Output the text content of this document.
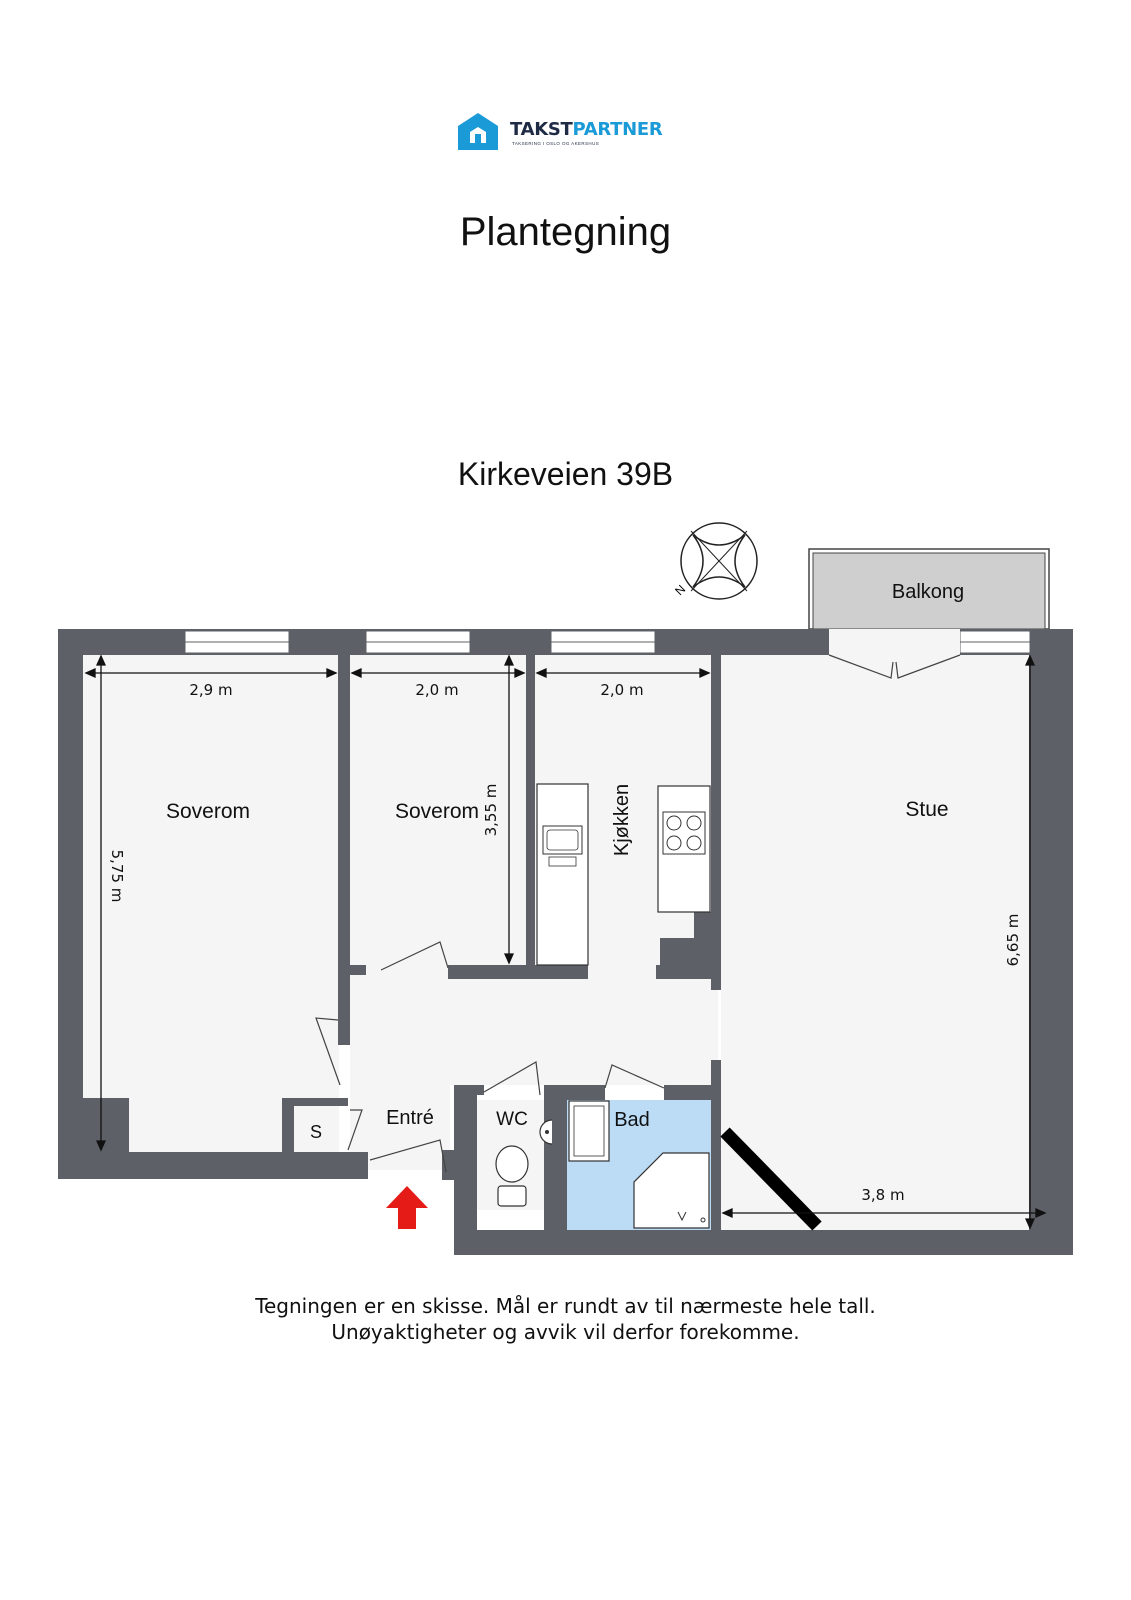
TAKSTPARTNER
TAKSERING I OSLO OG AKERSHUS
Plantegning
Kirkeveien 39B
N	Balkong
Soverom	Soverom	Kjøkken	Stue
Entré
S
WC	Bad
2,9 m
5,75 m
2,0 m
3,55 m
2,0 m
6,65 m
3,8 m
Tegningen er en skisse. Mål er rundt av til nærmeste hele tall.
Unøyaktigheter og avvik vil derfor forekomme.
